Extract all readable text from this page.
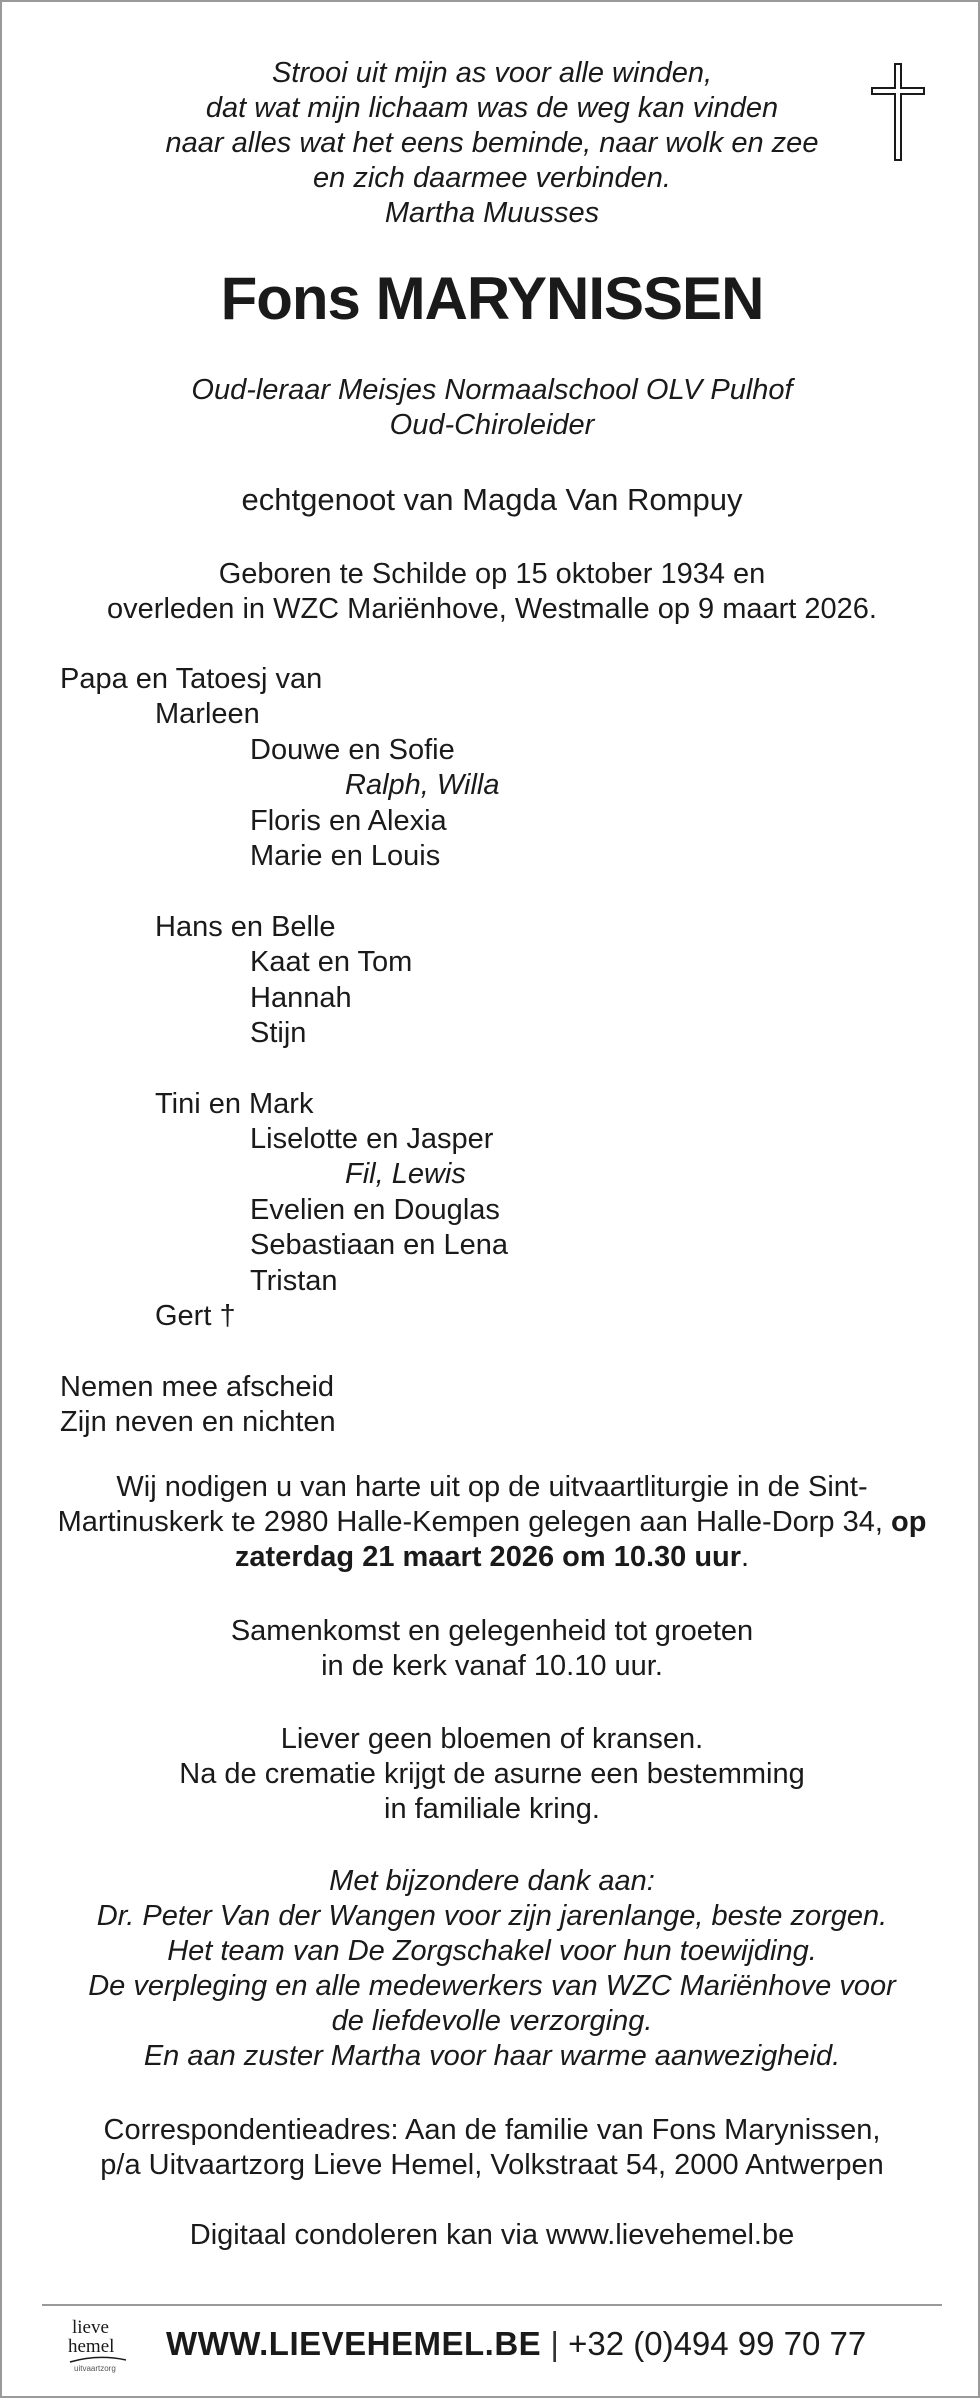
Strooi uit mijn as voor alle winden,
dat wat mijn lichaam was de weg kan vinden
naar alles wat het eens beminde, naar wolk en zee
en zich daarmee verbinden.
Martha Muusses
Fons MARYNISSEN
Oud-leraar Meisjes Normaalschool OLV Pulhof
Oud-Chiroleider
echtgenoot van Magda Van Rompuy
Geboren te Schilde op 15 oktober 1934 en
overleden in WZC Mariënhove, Westmalle op 9 maart 2026.
Papa en Tatoesj van
Marleen
Douwe en Sofie
Ralph, Willa
Floris en Alexia
Marie en Louis
Hans en Belle
Kaat en Tom
Hannah
Stijn
Tini en Mark
Liselotte en Jasper
Fil, Lewis
Evelien en Douglas
Sebastiaan en Lena
Tristan
Gert †
Nemen mee afscheid
Zijn neven en nichten
Wij nodigen u van harte uit op de uitvaartliturgie in de Sint-Martinuskerk te 2980 Halle-Kempen gelegen aan Halle-Dorp 34, op zaterdag 21 maart 2026 om 10.30 uur.
Samenkomst en gelegenheid tot groeten
in de kerk vanaf 10.10 uur.
Liever geen bloemen of kransen.
Na de crematie krijgt de asurne een bestemming
in familiale kring.
Met bijzondere dank aan:
Dr. Peter Van der Wangen voor zijn jarenlange, beste zorgen.
Het team van De Zorgschakel voor hun toewijding.
De verpleging en alle medewerkers van WZC Mariënhove voor
de liefdevolle verzorging.
En aan zuster Martha voor haar warme aanwezigheid.
Correspondentieadres: Aan de familie van Fons Marynissen,
p/a Uitvaartzorg Lieve Hemel, Volkstraat 54, 2000 Antwerpen
Digitaal condoleren kan via www.lievehemel.be
lieve
hemel
uitvaartzorg
WWW.LIEVEHEMEL.BE | +32 (0)494 99 70 77
